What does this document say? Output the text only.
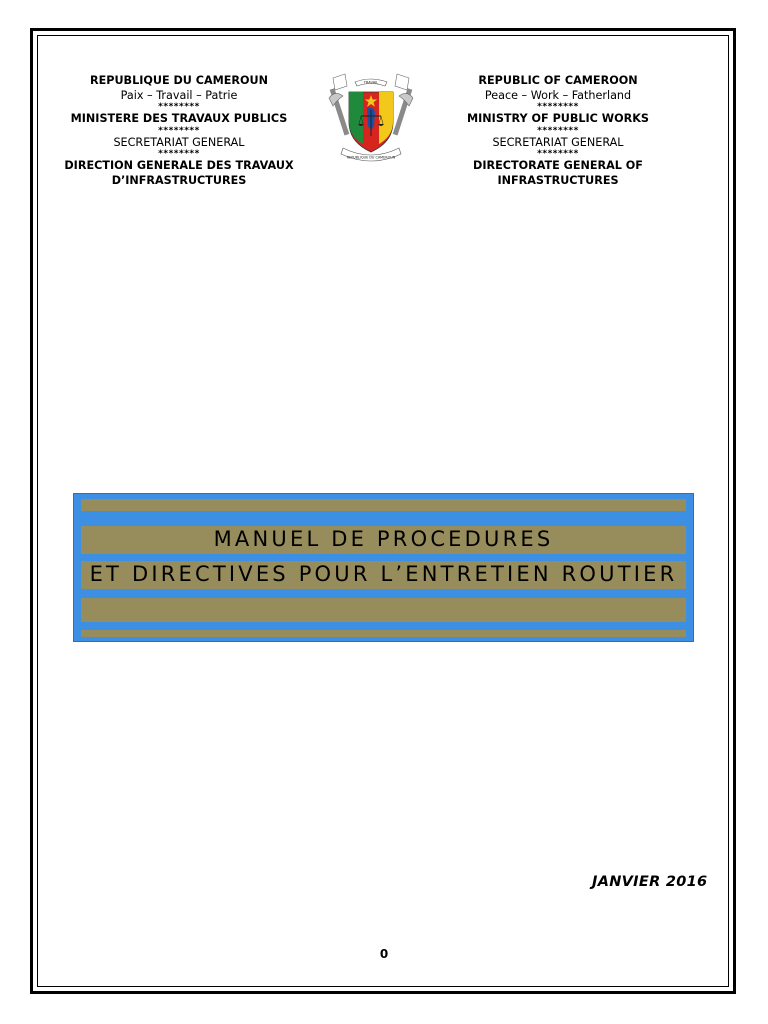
REPUBLIQUE DU CAMEROUN
Paix – Travail – Patrie
********
MINISTERE DES TRAVAUX PUBLICS
********
SECRETARIAT GENERAL
********
DIRECTION GENERALE DES TRAVAUX
D’INFRASTRUCTURES
REPUBLIC OF CAMEROON
Peace – Work – Fatherland
********
MINISTRY OF PUBLIC WORKS
********
SECRETARIAT GENERAL
********
DIRECTORATE GENERAL OF
INFRASTRUCTURES
TRAVAIL
REPUBLIQUE DU CAMEROUN
MANUEL DE PROCEDURES
ET DIRECTIVES POUR L’ENTRETIEN ROUTIER
JANVIER 2016
0
